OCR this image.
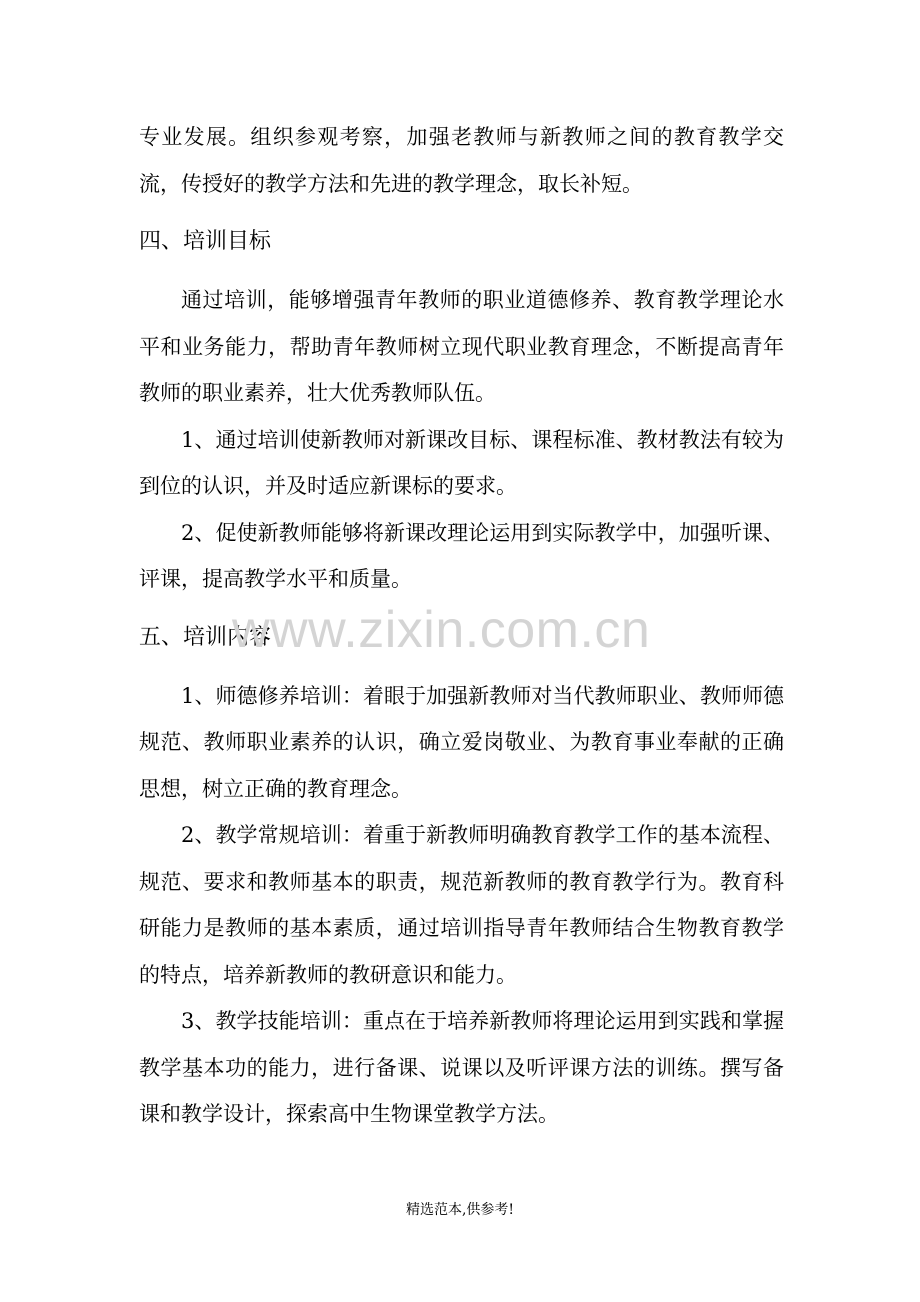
专业发展。组织参观考察，加强老教师与新教师之间的教育教学交流，传授好的教学方法和先进的教学理念，取长补短。

四、培训目标

通过培训，能够增强青年教师的职业道德修养、教育教学理论水平和业务能力，帮助青年教师树立现代职业教育理念，不断提高青年教师的职业素养，壮大优秀教师队伍。

1、通过培训使新教师对新课改目标、课程标准、教材教法有较为到位的认识，并及时适应新课标的要求。

2、促使新教师能够将新课改理论运用到实际教学中，加强听课、评课，提高教学水平和质量。

五、培训内容

1、师德修养培训：着眼于加强新教师对当代教师职业、教师师德规范、教师职业素养的认识，确立爱岗敬业、为教育事业奉献的正确思想，树立正确的教育理念。

2、教学常规培训：着重于新教师明确教育教学工作的基本流程、规范、要求和教师基本的职责，规范新教师的教育教学行为。教育科研能力是教师的基本素质，通过培训指导青年教师结合生物教育教学的特点，培养新教师的教研意识和能力。

3、教学技能培训：重点在于培养新教师将理论运用到实践和掌握教学基本功的能力，进行备课、说课以及听评课方法的训练。撰写备课和教学设计，探索高中生物课堂教学方法。

www.zixin.com.cn
精选范本,供参考!
